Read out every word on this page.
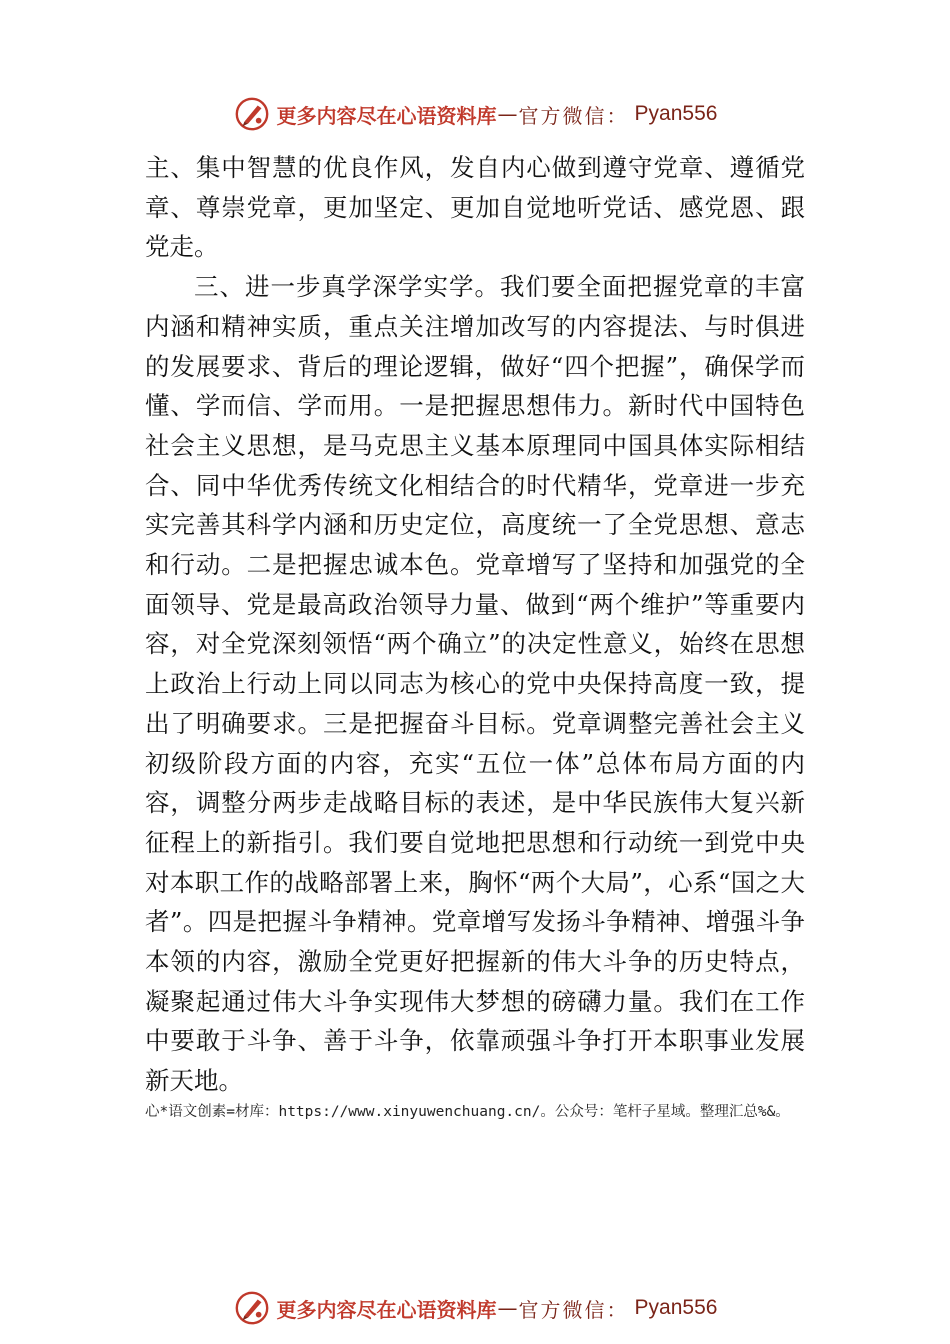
更多内容尽在心语资料库 — 官方微信： Pyan556

主、集中智慧的优良作风，发自内心做到遵守党章、遵循党章、尊崇党章，更加坚定、更加自觉地听党话、感党恩、跟党走。

三、进一步真学深学实学。我们要全面把握党章的丰富内涵和精神实质，重点关注增加改写的内容提法、与时俱进的发展要求、背后的理论逻辑，做好“四个把握”，确保学而懂、学而信、学而用。一是把握思想伟力。新时代中国特色社会主义思想，是马克思主义基本原理同中国具体实际相结合、同中华优秀传统文化相结合的时代精华，党章进一步充实完善其科学内涵和历史定位，高度统一了全党思想、意志和行动。二是把握忠诚本色。党章增写了坚持和加强党的全面领导、党是最高政治领导力量、做到“两个维护”等重要内容，对全党深刻领悟“两个确立”的决定性意义，始终在思想上政治上行动上同以同志为核心的党中央保持高度一致，提出了明确要求。三是把握奋斗目标。党章调整完善社会主义初级阶段方面的内容，充实“五位一体”总体布局方面的内容，调整分两步走战略目标的表述，是中华民族伟大复兴新征程上的新指引。我们要自觉地把思想和行动统一到党中央对本职工作的战略部署上来，胸怀“两个大局”，心系“国之大者”。四是把握斗争精神。党章增写发扬斗争精神、增强斗争本领的内容，激励全党更好把握新的伟大斗争的历史特点，凝聚起通过伟大斗争实现伟大梦想的磅礴力量。我们在工作中要敢于斗争、善于斗争，依靠顽强斗争打开本职事业发展新天地。

心*语文创素=材库：https://www.xinyuwenchuang.cn/。公众号：笔杆子星域。整理汇总%&。
更多内容尽在心语资料库 — 官方微信： Pyan556
